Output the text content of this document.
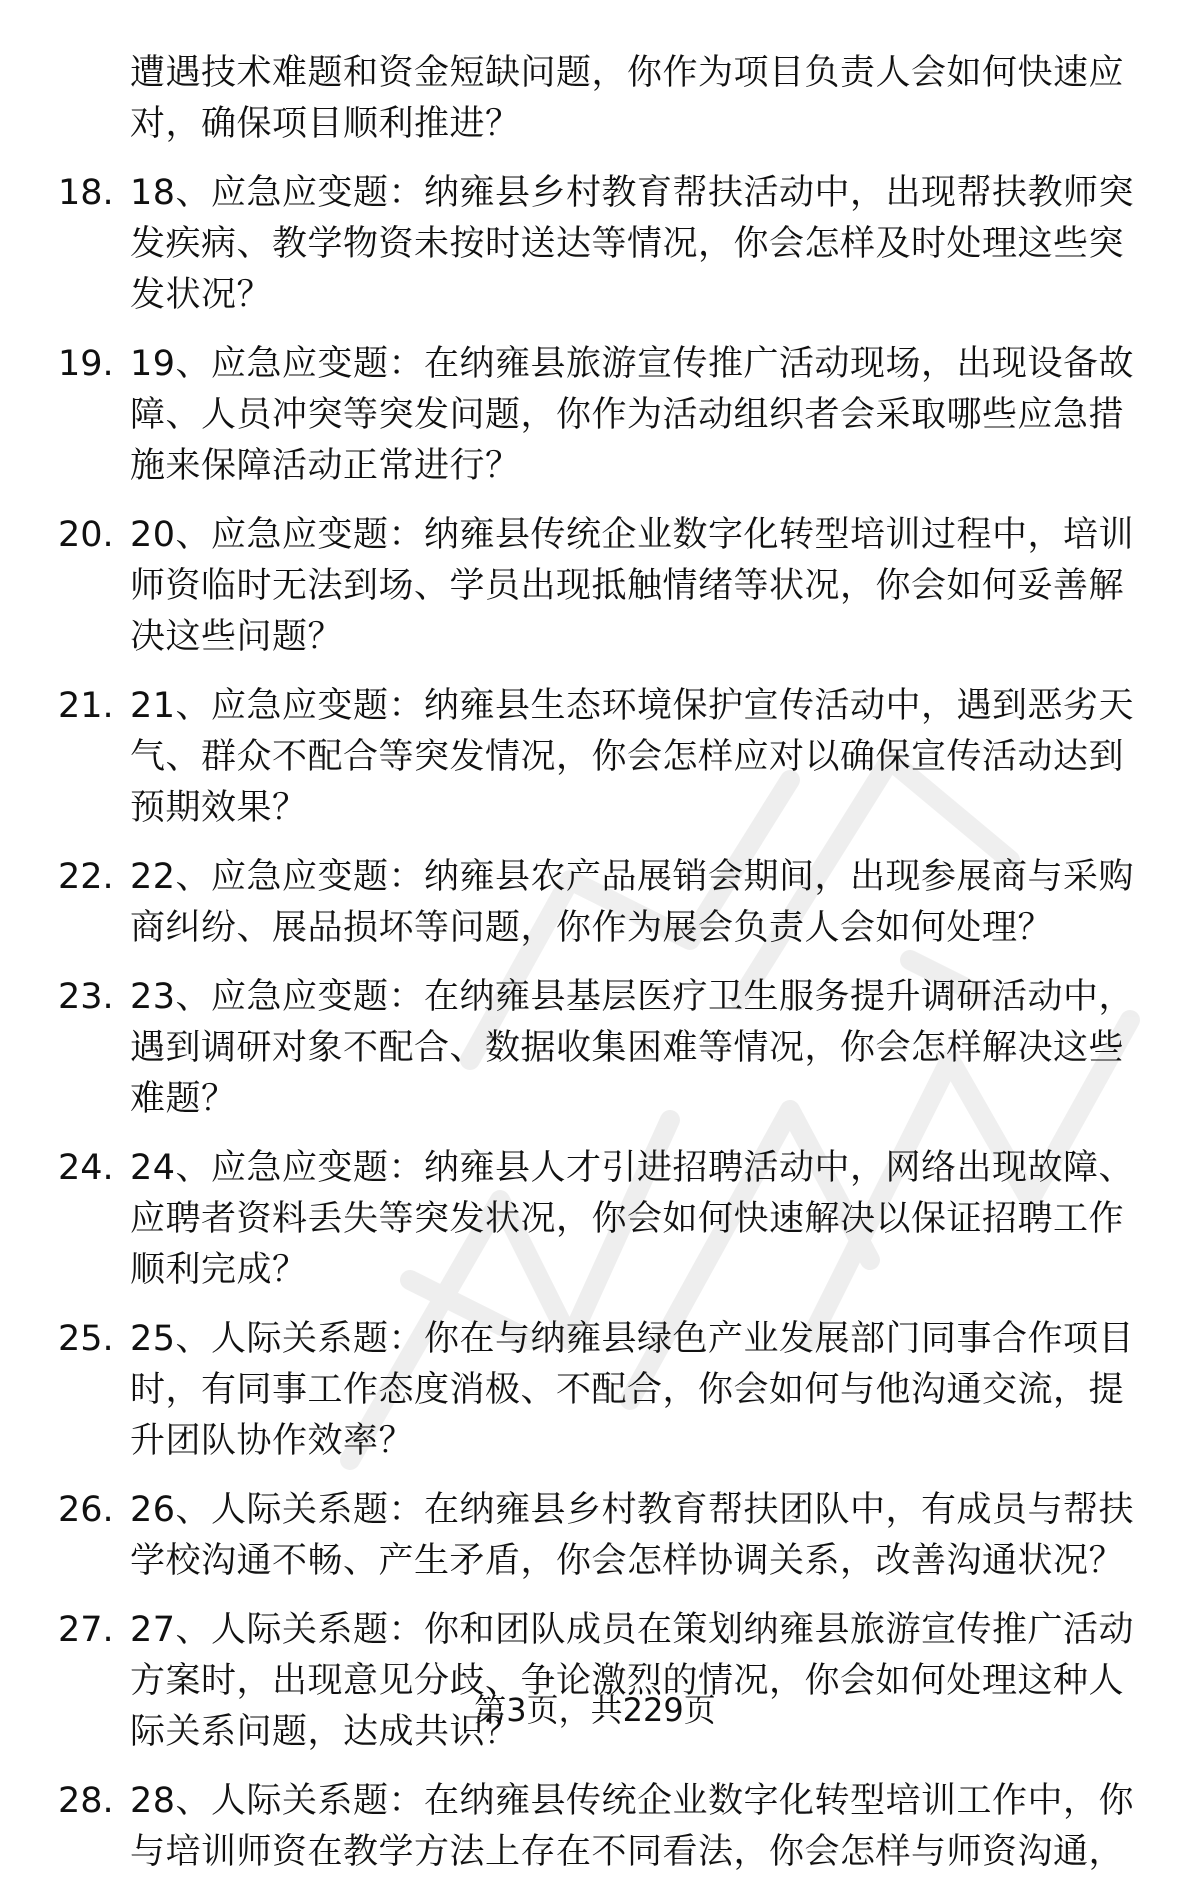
遭遇技术难题和资金短缺问题，你作为项目负责人会如何快速应对，确保项目顺利推进？
18. 18、应急应变题：纳雍县乡村教育帮扶活动中，出现帮扶教师突发疾病、教学物资未按时送达等情况，你会怎样及时处理这些突发状况？
19. 19、应急应变题：在纳雍县旅游宣传推广活动现场，出现设备故障、人员冲突等突发问题，你作为活动组织者会采取哪些应急措施来保障活动正常进行？
20. 20、应急应变题：纳雍县传统企业数字化转型培训过程中，培训师资临时无法到场、学员出现抵触情绪等状况，你会如何妥善解决这些问题？
21. 21、应急应变题：纳雍县生态环境保护宣传活动中，遇到恶劣天气、群众不配合等突发情况，你会怎样应对以确保宣传活动达到预期效果？
22. 22、应急应变题：纳雍县农产品展销会期间，出现参展商与采购商纠纷、展品损坏等问题，你作为展会负责人会如何处理？
23. 23、应急应变题：在纳雍县基层医疗卫生服务提升调研活动中，遇到调研对象不配合、数据收集困难等情况，你会怎样解决这些难题？
24. 24、应急应变题：纳雍县人才引进招聘活动中，网络出现故障、应聘者资料丢失等突发状况，你会如何快速解决以保证招聘工作顺利完成？
25. 25、人际关系题：你在与纳雍县绿色产业发展部门同事合作项目时，有同事工作态度消极、不配合，你会如何与他沟通交流，提升团队协作效率？
26. 26、人际关系题：在纳雍县乡村教育帮扶团队中，有成员与帮扶学校沟通不畅、产生矛盾，你会怎样协调关系，改善沟通状况？
27. 27、人际关系题：你和团队成员在策划纳雍县旅游宣传推广活动方案时，出现意见分歧、争论激烈的情况，你会如何处理这种人际关系问题，达成共识？
28. 28、人际关系题：在纳雍县传统企业数字化转型培训工作中，你与培训师资在教学方法上存在不同看法，你会怎样与师资沟通，
第3页，共229页
